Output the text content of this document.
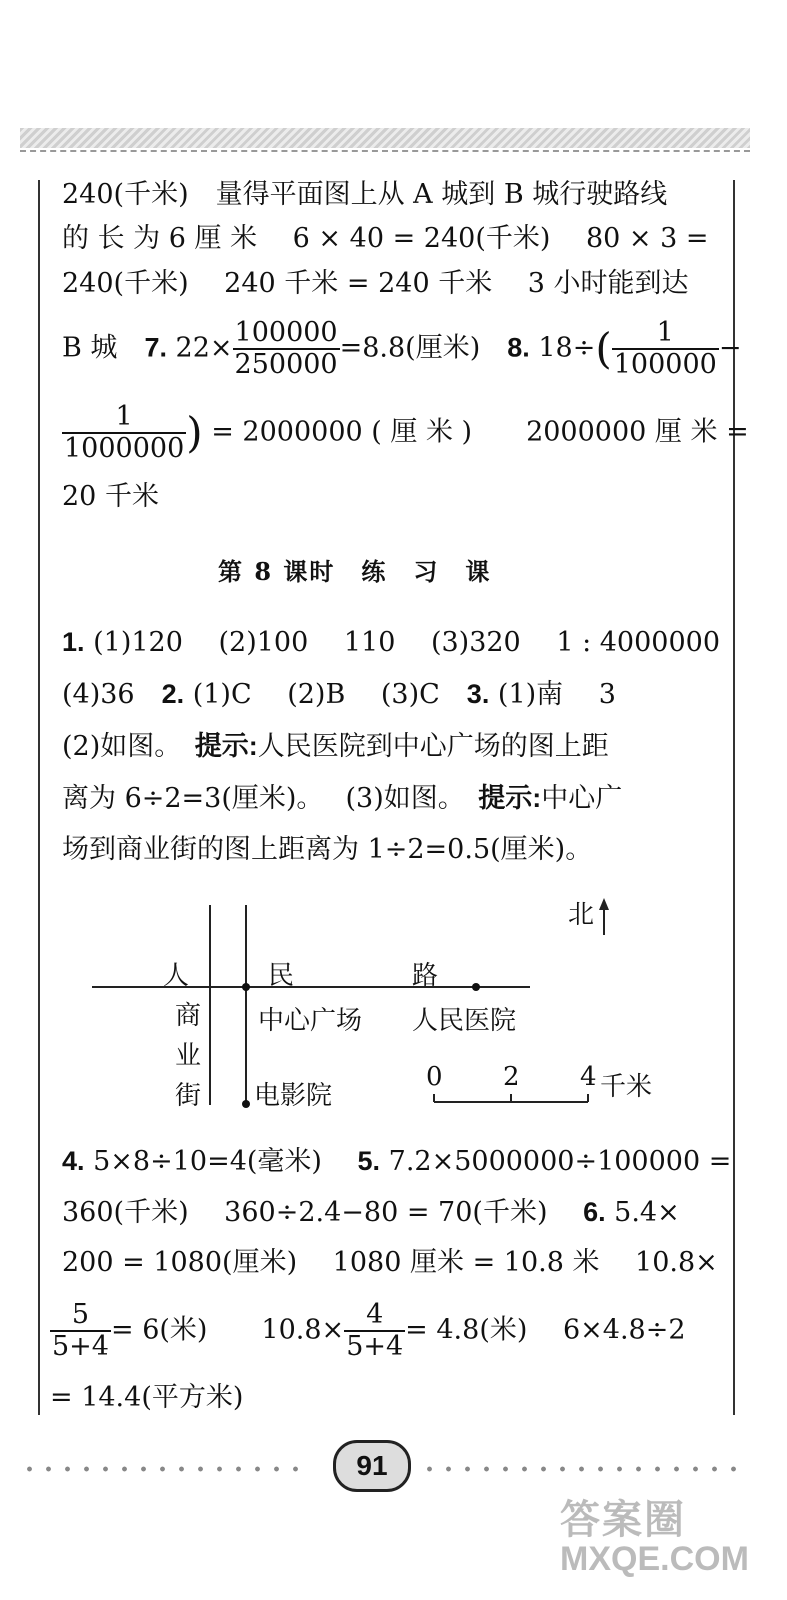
240(千米)　量得平面图上从 A 城到 B 城行驶路线
的 长 为 6 厘 米　 6 × 40 = 240(千米)　 80 × 3 =
240(千米)　 240 千米 = 240 千米　 3 小时能到达
B 城　7. $22\times \frac{100000}{250000} =8.8$(厘米)　8. $18\div( \frac{1}{100000}$ −
$\frac{1}{1000000}$ ) = 2000000 ( 厘 米 )　　2000000 厘 米 =
20 千米
第 8 课时　练　习　课
1. (1)120　 (2)100　 110　 (3)320　 1 : 4000000
(4)36　2. (1)C　 (2)B　 (3)C　3. (1)南　 3
(2)如图。　提示:人民医院到中心广场的图上距
离为 6÷2=3(厘米)。　 (3)如图。　提示:中心广
场到商业街的图上距离为 1÷2=0.5(厘米)。
北
人	民	路
商
业
街
中心广场 人民医院
电影院
0 2 4 千米
4. 5×8÷10=4(毫米)　 5. 7.2×5000000÷100000 =
360(千米)　 360÷2.4−80 = 70(千米)　 6. 5.4×
200 = 1080(厘米)　 1080 厘米 = 10.8 米　 10.8×
$\frac{5}{5+4} = 6$(米)　　$10.8\times \frac{4}{5+4} = 4.8$(米)　 6×4.8÷2
= 14.4(平方米)
91
答案圈
MXQE.COM
